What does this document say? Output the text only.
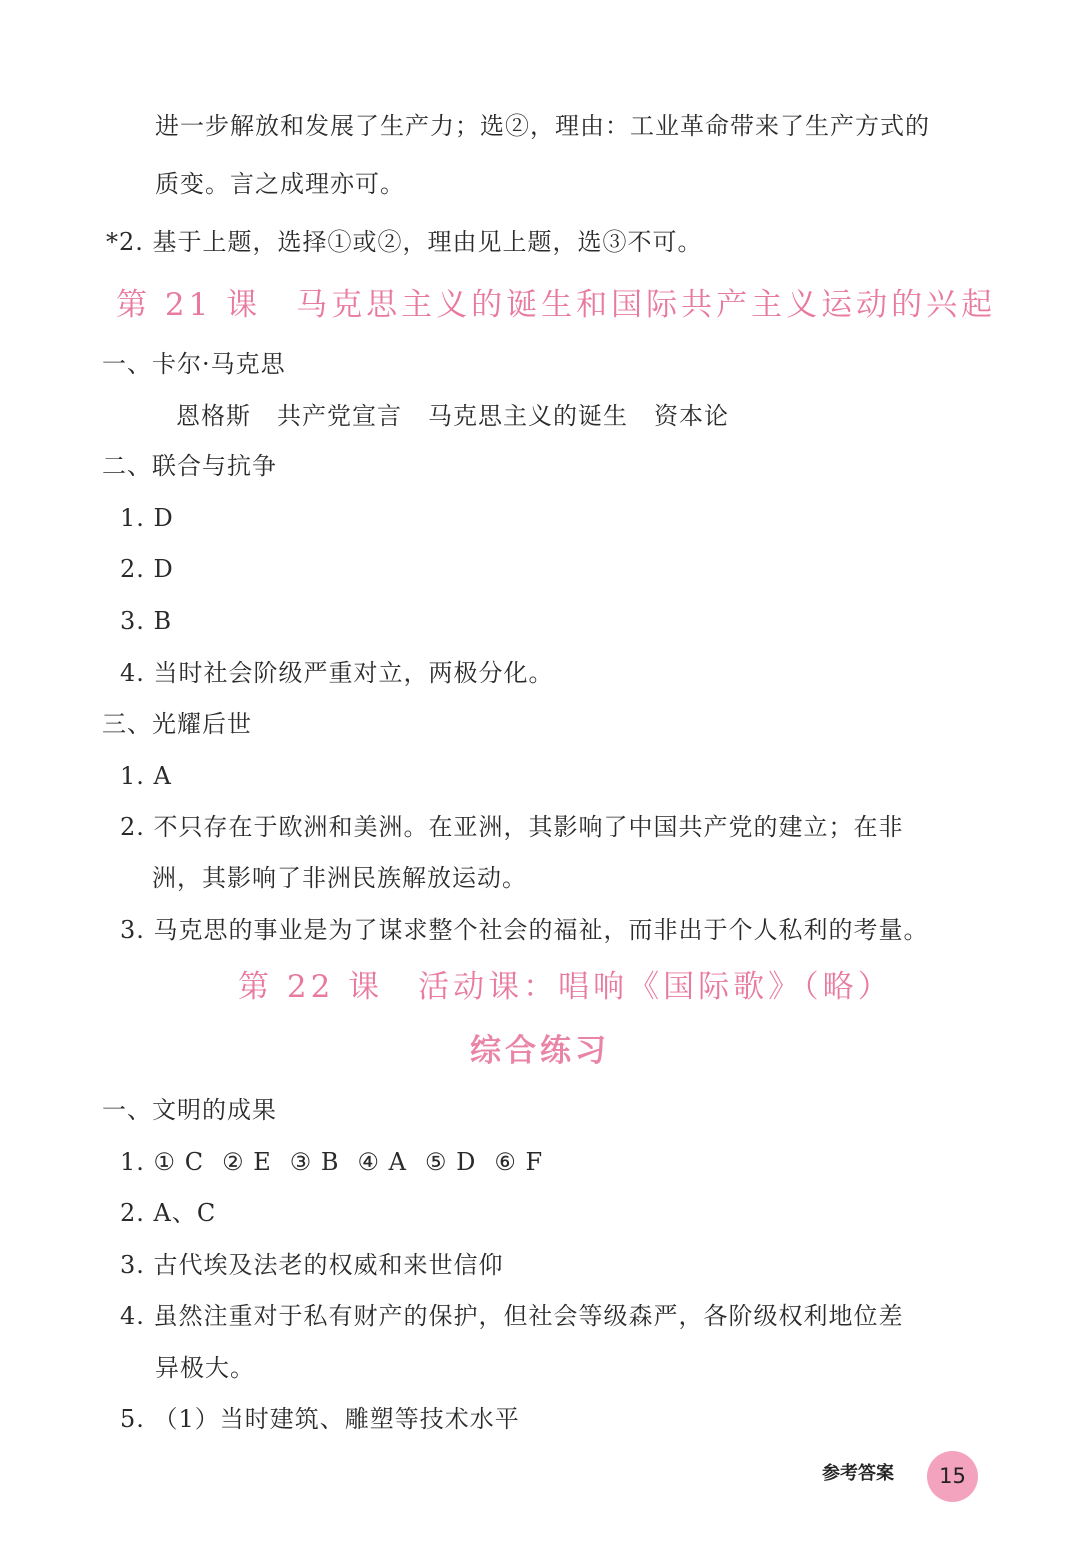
进一步解放和发展了生产力；选②，理由：工业革命带来了生产方式的
质变。言之成理亦可。
*2. 基于上题，选择①或②，理由见上题，选③不可。
第 21 课　马克思主义的诞生和国际共产主义运动的兴起
一、卡尔·马克思
恩格斯 共产党宣言 马克思主义的诞生 资本论
二、联合与抗争
1. D
2. D
3. B
4. 当时社会阶级严重对立，两极分化。
三、光耀后世
1. A
2. 不只存在于欧洲和美洲。在亚洲，其影响了中国共产党的建立；在非
洲，其影响了非洲民族解放运动。
3. 马克思的事业是为了谋求整个社会的福祉，而非出于个人私利的考量。
第 22 课　活动课：唱响《国际歌》（略）
综合练习
一、文明的成果
1. ① C ② E ③ B ④ A ⑤ D ⑥ F
2. A、C
3. 古代埃及法老的权威和来世信仰
4. 虽然注重对于私有财产的保护，但社会等级森严，各阶级权利地位差
异极大。
5. （1）当时建筑、雕塑等技术水平
参考答案	15
